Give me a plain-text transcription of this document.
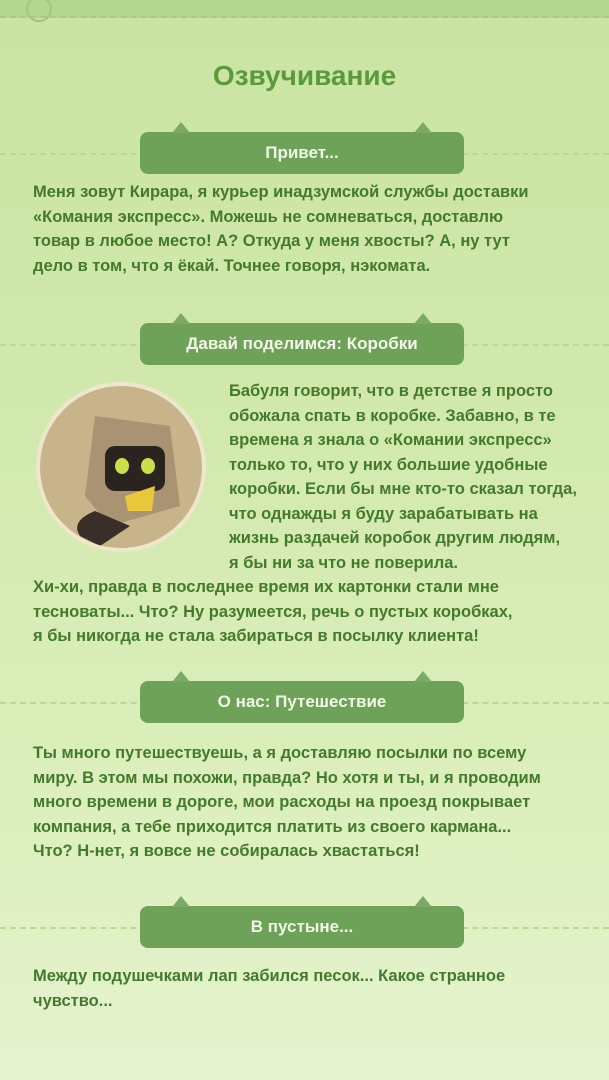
Озвучивание
Привет...
Меня зовут Кирара, я курьер инадзумской службы доставки
«Комания экспресс». Можешь не сомневаться, доставлю
товар в любое место! А? Откуда у меня хвосты? А, ну тут
дело в том, что я ёкай. Точнее говоря, нэкомата.
Давай поделимся: Коробки
Бабуля говорит, что в детстве я просто
обожала спать в коробке. Забавно, в те
времена я знала о «Комании экспресс»
только то, что у них большие удобные
коробки. Если бы мне кто-то сказал тогда,
что однажды я буду зарабатывать на
жизнь раздачей коробок другим людям,
я бы ни за что не поверила.
Хи-хи, правда в последнее время их картонки стали мне
тесноваты... Что? Ну разумеется, речь о пустых коробках,
я бы никогда не стала забираться в посылку клиента!
О нас: Путешествие
Ты много путешествуешь, а я доставляю посылки по всему
миру. В этом мы похожи, правда? Но хотя и ты, и я проводим
много времени в дороге, мои расходы на проезд покрывает
компания, а тебе приходится платить из своего кармана...
Что? Н-нет, я вовсе не собиралась хвастаться!
В пустыне...
Между подушечками лап забился песок... Какое странное
чувство...
